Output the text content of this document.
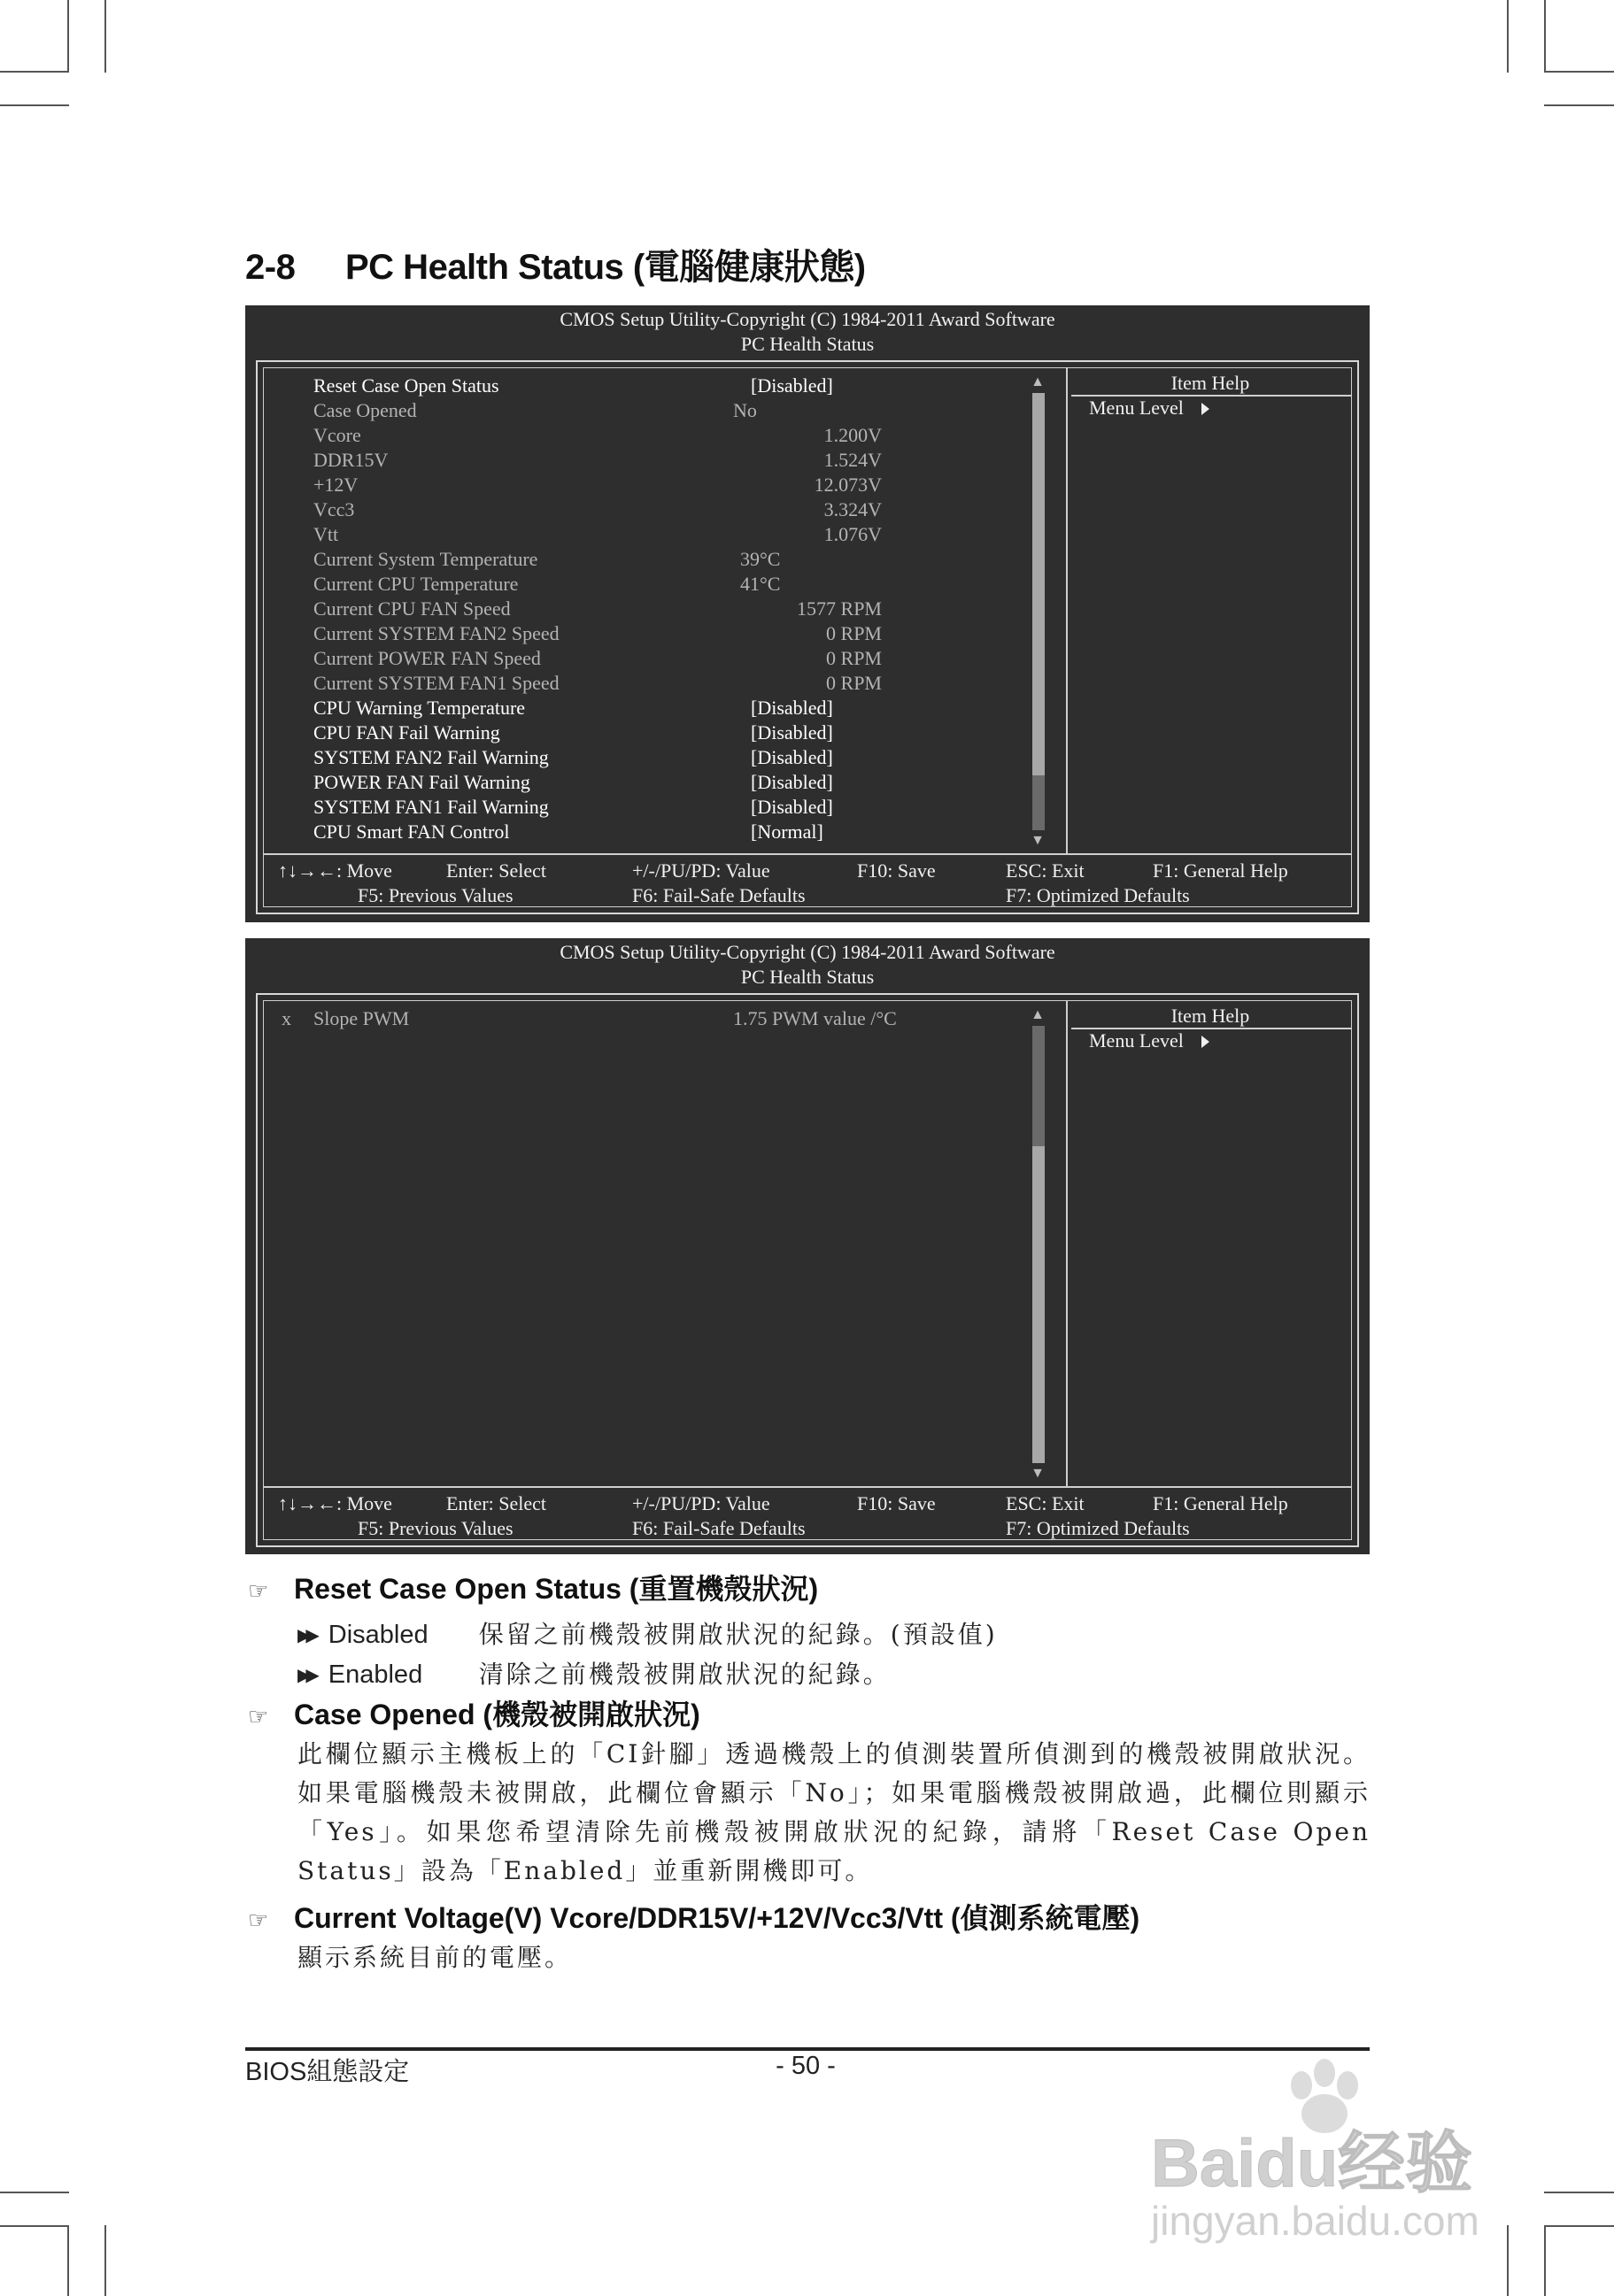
2-8 PC Health Status (電腦健康狀態)
CMOS Setup Utility-Copyright (C) 1984-2011 Award Software
PC Health Status
Reset Case Open Status	[Disabled]
Case Opened	No
Vcore	1.200V
DDR15V	1.524V
+12V	12.073V
Vcc3	3.324V
Vtt	1.076V
Current System Temperature	39°C
Current CPU Temperature	41°C
Current CPU FAN Speed	1577 RPM
Current SYSTEM FAN2 Speed	0 RPM
Current POWER FAN Speed	0 RPM
Current SYSTEM FAN1 Speed	0 RPM
CPU Warning Temperature	[Disabled]
CPU FAN Fail Warning	[Disabled]
SYSTEM FAN2 Fail Warning	[Disabled]
POWER FAN Fail Warning	[Disabled]
SYSTEM FAN1 Fail Warning	[Disabled]
CPU Smart FAN Control	[Normal]
▲
▼
Item Help
Menu Level
↑↓→←: Move	Enter: Select	+/-/PU/PD: Value	F10: Save	ESC: Exit	F1: General Help
F5: Previous Values	F6: Fail-Safe Defaults	F7: Optimized Defaults
CMOS Setup Utility-Copyright (C) 1984-2011 Award Software
PC Health Status
x Slope PWM	1.75 PWM value /°C	▲
▼
Item Help
Menu Level
↑↓→←: Move	Enter: Select	+/-/PU/PD: Value	F10: Save	ESC: Exit	F1: General Help
F5: Previous Values	F6: Fail-Safe Defaults	F7: Optimized Defaults
☞ Reset Case Open Status (重置機殼狀況)
▶▶ Disabled 保留之前機殼被開啟狀況的紀錄。(預設值)
▶▶ Enabled 清除之前機殼被開啟狀況的紀錄。
☞ Case Opened (機殼被開啟狀況)
此欄位顯示主機板上的「CI針腳」透過機殼上的偵測裝置所偵測到的機殼被開啟狀況。如果電腦機殼未被開啟，此欄位會顯示「No」；如果電腦機殼被開啟過，此欄位則顯示「Yes」。如果您希望清除先前機殼被開啟狀況的紀錄，請將「Reset Case Open Status」設為「Enabled」並重新開機即可。
☞ Current Voltage(V) Vcore/DDR15V/+12V/Vcc3/Vtt (偵測系統電壓)
顯示系統目前的電壓。
BIOS組態設定	- 50 -
Baidu经验
jingyan.baidu.com
